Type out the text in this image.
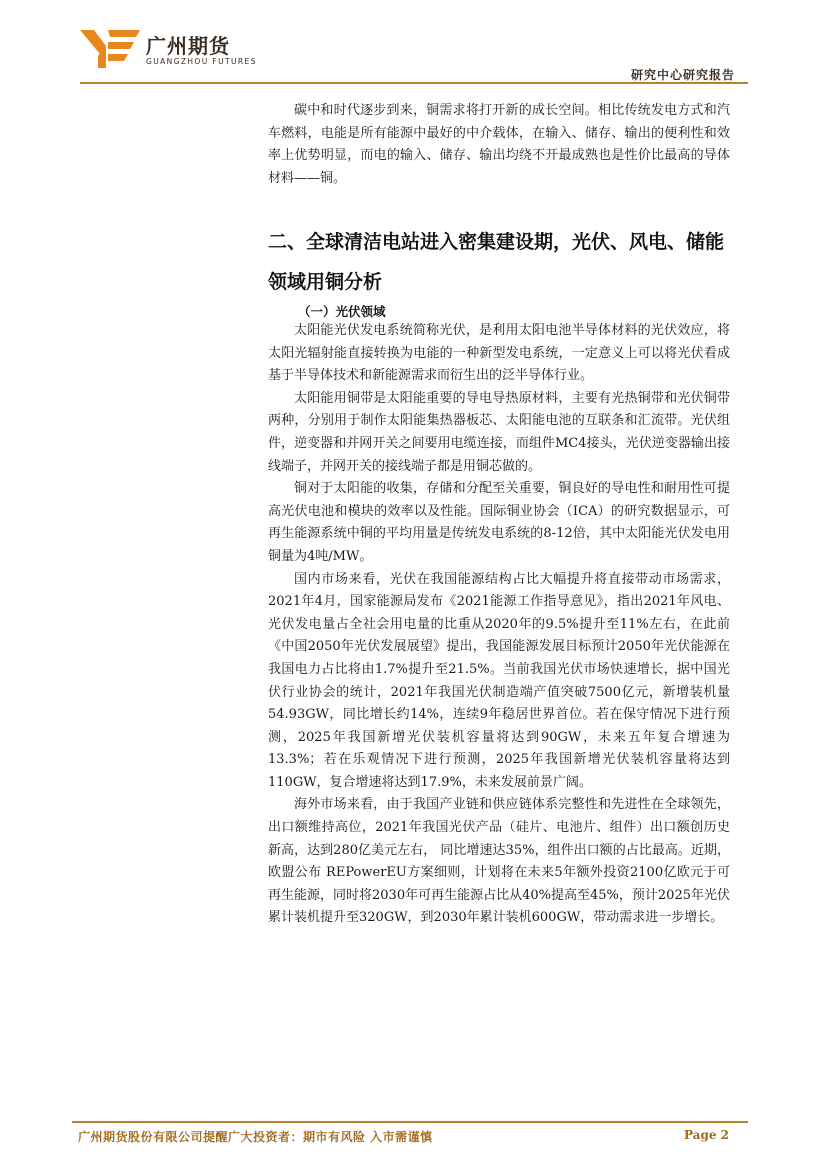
广州期货
GUANGZHOU FUTURES
研究中心研究报告

碳中和时代逐步到来，铜需求将打开新的成长空间。相比传统发电方式和汽车燃料，电能是所有能源中最好的中介载体，在输入、储存、输出的便利性和效率上优势明显，而电的输入、储存、输出均绕不开最成熟也是性价比最高的导体材料——铜。

二、全球清洁电站进入密集建设期，光伏、风电、储能领域用铜分析
（一）光伏领域

太阳能光伏发电系统简称光伏，是利用太阳电池半导体材料的光伏效应，将太阳光辐射能直接转换为电能的一种新型发电系统，一定意义上可以将光伏看成基于半导体技术和新能源需求而衍生出的泛半导体行业。

太阳能用铜带是太阳能重要的导电导热原材料，主要有光热铜带和光伏铜带两种，分别用于制作太阳能集热器板芯、太阳能电池的互联条和汇流带。光伏组件，逆变器和并网开关之间要用电缆连接，而组件MC4接头，光伏逆变器输出接线端子，并网开关的接线端子都是用铜芯做的。

铜对于太阳能的收集，存储和分配至关重要，铜良好的导电性和耐用性可提高光伏电池和模块的效率以及性能。国际铜业协会（ICA）的研究数据显示，可再生能源系统中铜的平均用量是传统发电系统的8-12倍，其中太阳能光伏发电用铜量为4吨/MW。

国内市场来看，光伏在我国能源结构占比大幅提升将直接带动市场需求，2021年4月，国家能源局发布《2021能源工作指导意见》，指出2021年风电、光伏发电量占全社会用电量的比重从2020年的9.5%提升至11%左右，在此前《中国2050年光伏发展展望》提出，我国能源发展目标预计2050年光伏能源在我国电力占比将由1.7%提升至21.5%。当前我国光伏市场快速增长，据中国光伏行业协会的统计，2021年我国光伏制造端产值突破7500亿元，新增装机量54.93GW，同比增长约14%，连续9年稳居世界首位。若在保守情况下进行预测，2025年我国新增光伏装机容量将达到90GW，未来五年复合增速为13.3%；若在乐观情况下进行预测，2025年我国新增光伏装机容量将达到110GW，复合增速将达到17.9%，未来发展前景广阔。

海外市场来看，由于我国产业链和供应链体系完整性和先进性在全球领先，出口额维持高位，2021年我国光伏产品（硅片、电池片、组件）出口额创历史新高，达到280亿美元左右， 同比增速达35%，组件出口额的占比最高。近期，欧盟公布 REPowerEU方案细则，计划将在未来5年额外投资2100亿欧元于可再生能源，同时将2030年可再生能源占比从40%提高至45%，预计2025年光伏累计装机提升至320GW，到2030年累计装机600GW，带动需求进一步增长。

广州期货股份有限公司提醒广大投资者：期市有风险 入市需谨慎	Page 2
